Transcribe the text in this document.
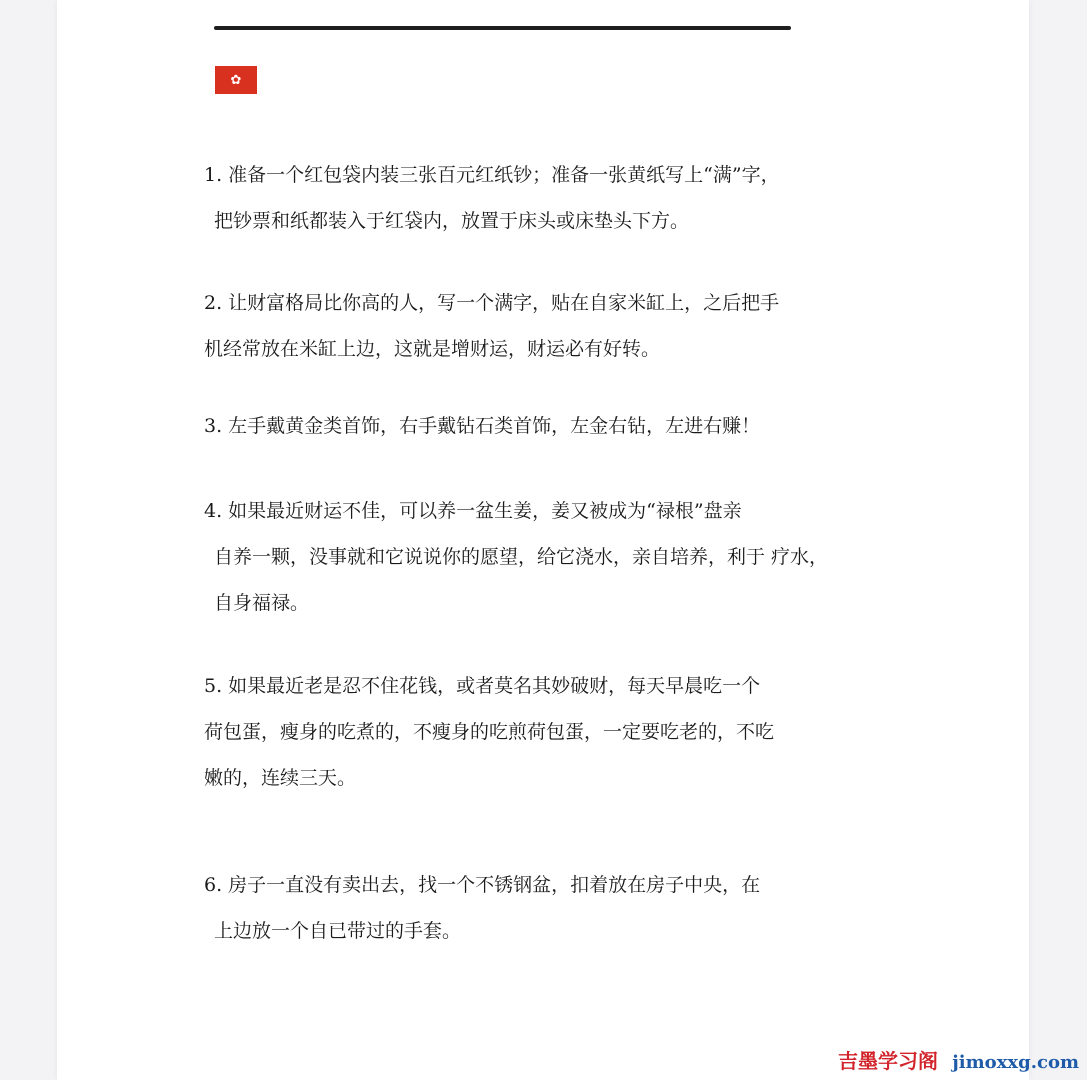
✿

1. 准备一个红包袋内装三张百元红纸钞；准备一张黄纸写上“满”字，
把钞票和纸都装入于红袋内，放置于床头或床垫头下方。

2. 让财富格局比你高的人，写一个满字，贴在自家米缸上，之后把手
机经常放在米缸上边，这就是增财运，财运必有好转。

3. 左手戴黄金类首饰，右手戴钻石类首饰，左金右钻，左进右赚！

4. 如果最近财运不佳，可以养一盆生姜，姜又被成为“禄根”盘亲
自养一颗，没事就和它说说你的愿望，给它浇水，亲自培养，利于 疗水，
自身福禄。

5. 如果最近老是忍不住花钱，或者莫名其妙破财，每天早晨吃一个
荷包蛋，瘦身的吃煮的，不瘦身的吃煎荷包蛋，一定要吃老的，不吃
嫩的，连续三天。

6. 房子一直没有卖出去，找一个不锈钢盆，扣着放在房子中央，在
上边放一个自已带过的手套。

吉墨学习阁 jimoxxg.com
